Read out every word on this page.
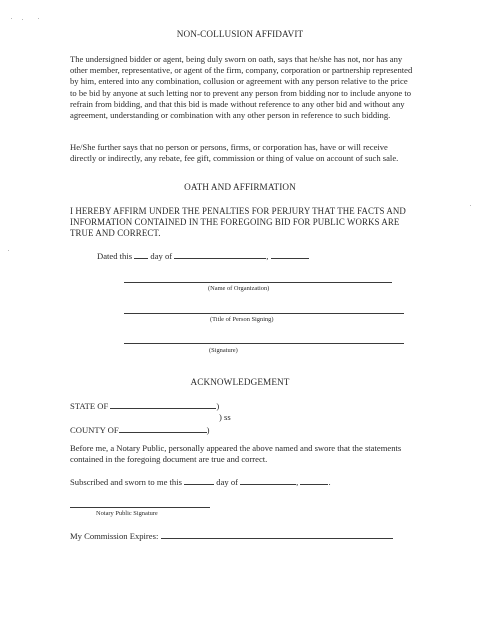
NON-COLLUSION AFFIDAVIT
The undersigned bidder or agent, being duly sworn on oath, says that he/she has not, nor has any other member, representative, or agent of the firm, company, corporation or partnership represented by him, entered into any combination, collusion or agreement with any person relative to the price to be bid by anyone at such letting nor to prevent any person from bidding nor to include anyone to refrain from bidding, and that this bid is made without reference to any other bid and without any agreement, understanding or combination with any other person in reference to such bidding.
He/She further says that no person or persons, firms, or corporation has, have or will receive directly or indirectly, any rebate, fee gift, commission or thing of value on account of such sale.
OATH AND AFFIRMATION
I HEREBY AFFIRM UNDER THE PENALTIES FOR PERJURY THAT THE FACTS AND INFORMATION CONTAINED IN THE FOREGOING BID FOR PUBLIC WORKS ARE TRUE AND CORRECT.
Dated this day of	,
(Name of Organization)
(Title of Person Signing)
(Signature)
ACKNOWLEDGEMENT
STATE OF	)
) ss
COUNTY OF	)
Before me, a Notary Public, personally appeared the above named and swore that the statements contained in the foregoing document are true and correct.
Subscribed and sworn to me this	day of	,	.
Notary Public Signature
My Commission Expires:
